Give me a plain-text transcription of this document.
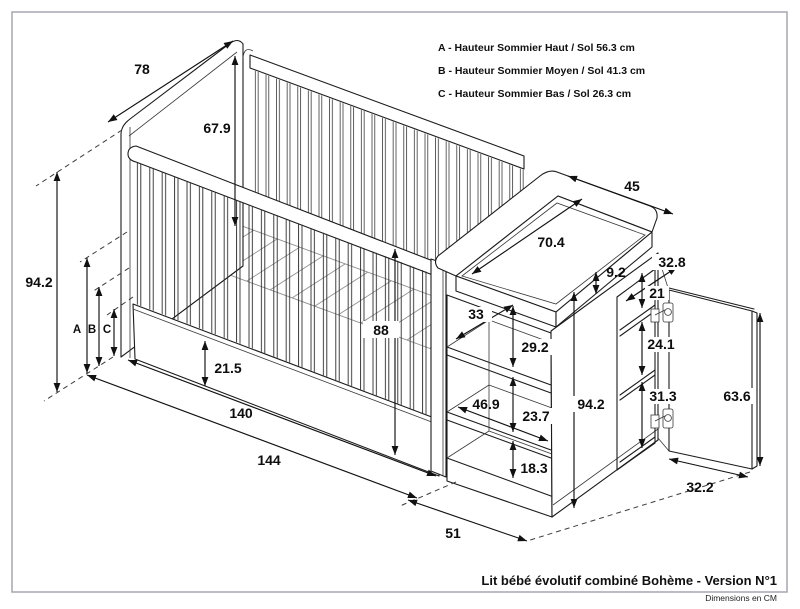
78
67.9
94.2
A B C
21.5
140
144
88
51
45
70.4
9.2
32.8
33
21
29.2	24.1
46.9
23.7
94.2	31.3	63.6
18.3
32.2
A - Hauteur Sommier Haut / Sol 56.3 cm
B - Hauteur Sommier Moyen / Sol 41.3 cm
C - Hauteur Sommier Bas / Sol 26.3 cm
Lit bébé évolutif combiné Bohème - Version N°1
Dimensions en CM
